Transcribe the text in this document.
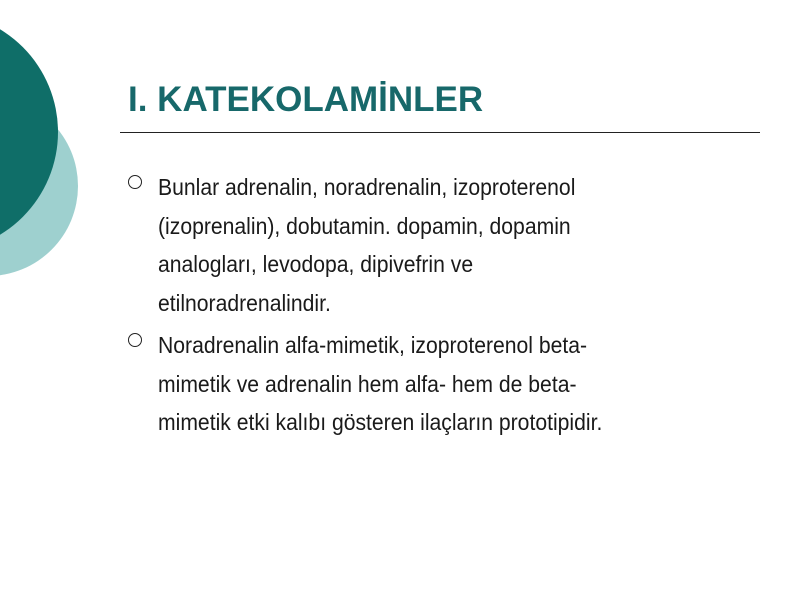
I. KATEKOLAMİNLER
Bunlar adrenalin, noradrenalin, izoproterenol
(izoprenalin), dobutamin. dopamin, dopamin
analogları, levodopa, dipivefrin ve
etilnoradrenalindir.
Noradrenalin alfa-mimetik, izoproterenol beta-
mimetik ve adrenalin hem alfa- hem de beta-
mimetik etki kalıbı gösteren ilaçların prototipidir.
